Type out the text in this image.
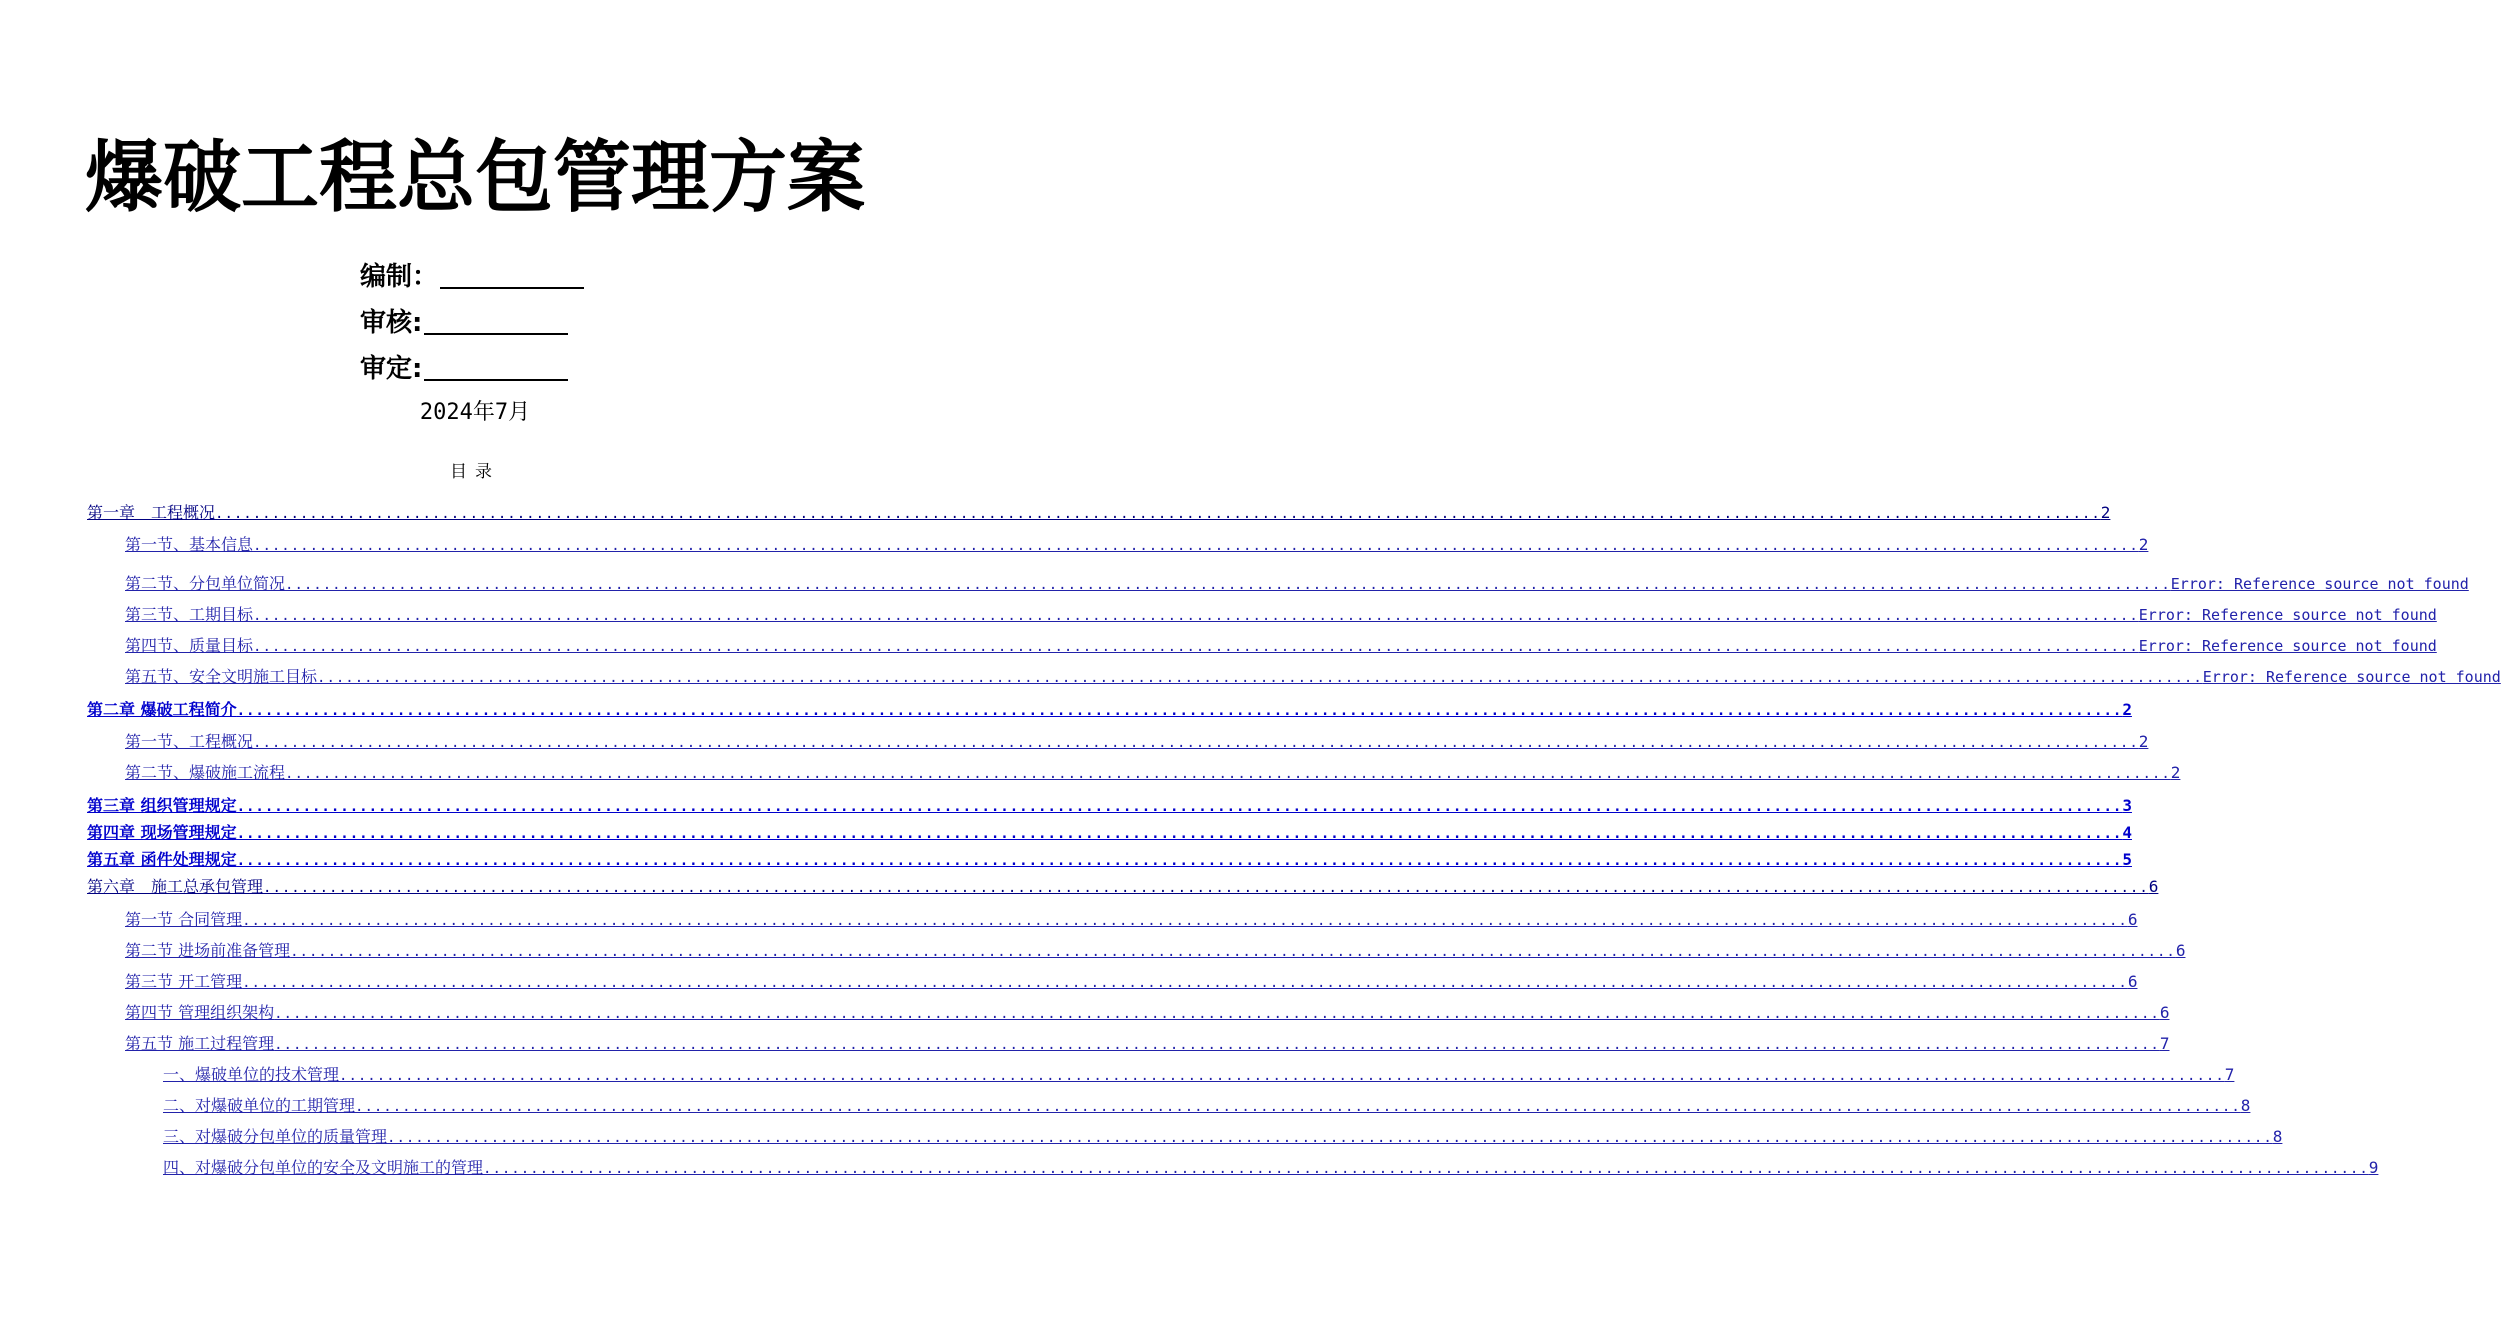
爆破工程总包管理方案
编制：
审核:
审定:
2024年7月
目录
第一章　工程概况 ........................................................................................................................................................................................................ 2
第一节、基本信息 ........................................................................................................................................................................................................ 2
第二节、分包单位简况 ........................................................................................................................................................................................................ Error: Reference source not found
第三节、工期目标 ........................................................................................................................................................................................................ Error: Reference source not found
第四节、质量目标 ........................................................................................................................................................................................................ Error: Reference source not found
第五节、安全文明施工目标 ........................................................................................................................................................................................................ Error: Reference source not found
第二章 爆破工程简介 ........................................................................................................................................................................................................ 2
第一节、工程概况 ........................................................................................................................................................................................................ 2
第二节、爆破施工流程 ........................................................................................................................................................................................................ 2
第三章 组织管理规定 ........................................................................................................................................................................................................ 3
第四章 现场管理规定 ........................................................................................................................................................................................................ 4
第五章 函件处理规定 ........................................................................................................................................................................................................ 5
第六章　施工总承包管理 ........................................................................................................................................................................................................ 6
第一节 合同管理 ........................................................................................................................................................................................................ 6
第二节 进场前准备管理 ........................................................................................................................................................................................................ 6
第三节 开工管理 ........................................................................................................................................................................................................ 6
第四节 管理组织架构 ........................................................................................................................................................................................................ 6
第五节 施工过程管理 ........................................................................................................................................................................................................ 7
一、爆破单位的技术管理 ........................................................................................................................................................................................................ 7
二、对爆破单位的工期管理 ........................................................................................................................................................................................................ 8
三、对爆破分包单位的质量管理 ........................................................................................................................................................................................................ 8
四、对爆破分包单位的安全及文明施工的管理 ........................................................................................................................................................................................................ 9
